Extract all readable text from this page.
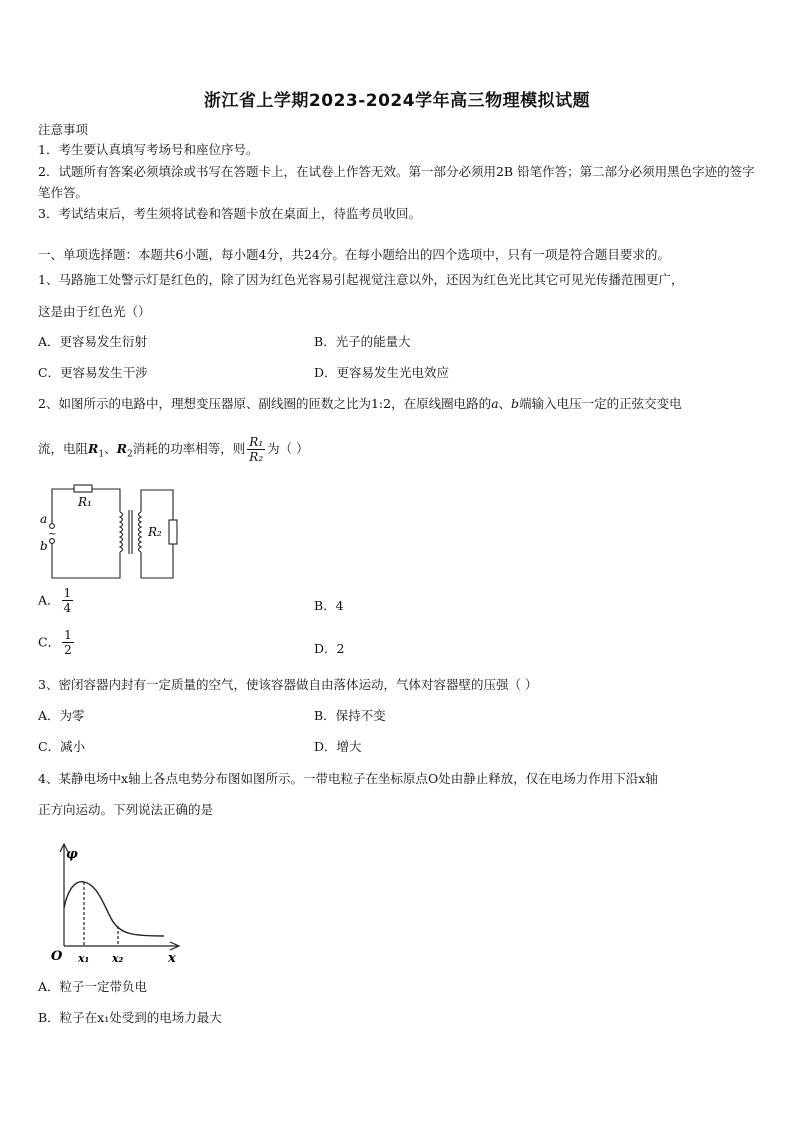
浙江省上学期2023-2024学年高三物理模拟试题
注意事项
1．考生要认真填写考场号和座位序号。
2．试题所有答案必须填涂或书写在答题卡上，在试卷上作答无效。第一部分必须用2B 铅笔作答；第二部分必须用黑色字迹的签字笔作答。
3．考试结束后，考生须将试卷和答题卡放在桌面上，待监考员收回。
一、单项选择题：本题共6小题，每小题4分，共24分。在每小题给出的四个选项中，只有一项是符合题目要求的。
1、马路施工处警示灯是红色的，除了因为红色光容易引起视觉注意以外，还因为红色光比其它可见光传播范围更广，
这是由于红色光（）
A．更容易发生衍射	B．光子的能量大
C．更容易发生干涉	D．更容易发生光电效应
2、如图所示的电路中，理想变压器原、副线圈的匝数之比为1:2，在原线圈电路的a、b端输入电压一定的正弦交变电
流，电阻$R_1$、$R_2$消耗的功率相等，则 $\frac{\text{R₁}}{\text{R₂}}$ 为（ ）
R₁
R₂
a
b
~
A． $\frac{1}{4}$	B．4
C． $\frac{1}{2}$	D．2
3、密闭容器内封有一定质量的空气，使该容器做自由落体运动，气体对容器壁的压强（ ）
A．为零	B．保持不变
C．减小	D．增大
4、某静电场中x轴上各点电势分布图如图所示。一带电粒子在坐标原点O处由静止释放，仅在电场力作用下沿x轴
正方向运动。下列说法正确的是
φ
O x₁ x₂	x
A．粒子一定带负电
B．粒子在x₁处受到的电场力最大
